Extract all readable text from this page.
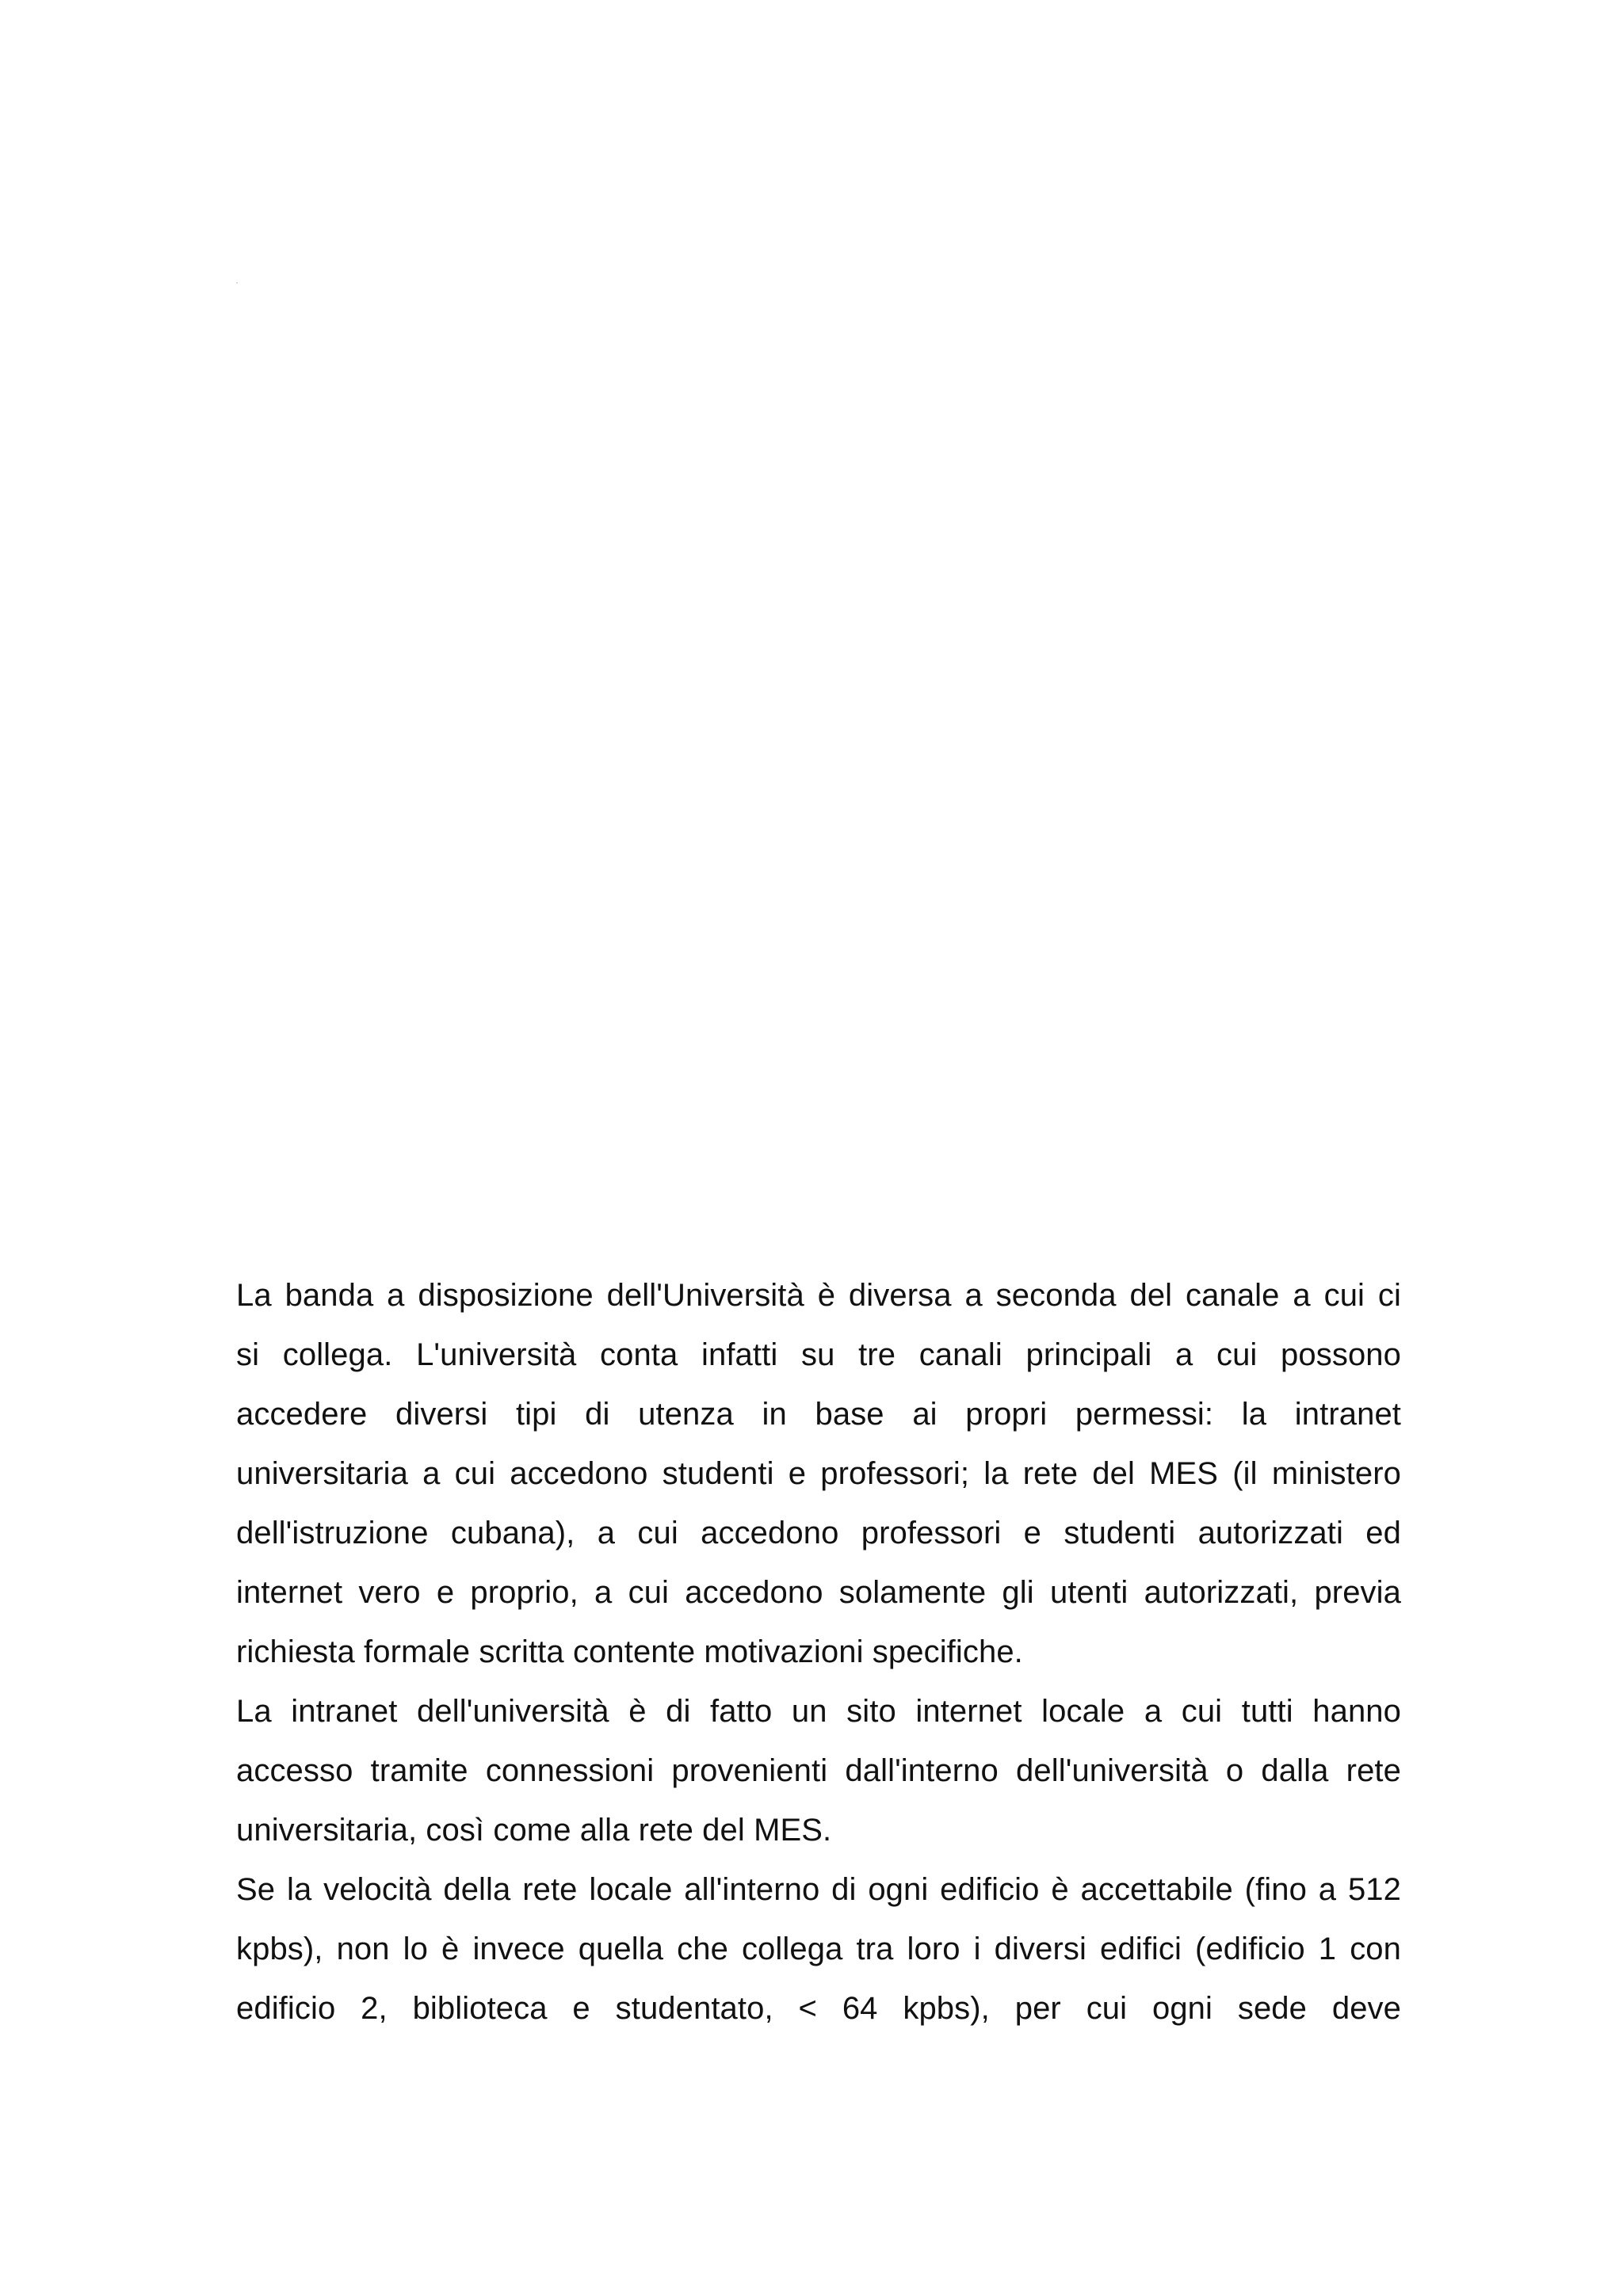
La banda a disposizione dell'Università è diversa a seconda del canale a cui ci
si collega. L'università conta infatti su tre canali principali a cui possono
accedere diversi tipi di utenza in base ai propri permessi: la intranet
universitaria a cui accedono studenti e professori; la rete del MES (il ministero
dell'istruzione cubana), a cui accedono professori e studenti autorizzati ed
internet vero e proprio, a cui accedono solamente gli utenti autorizzati, previa
richiesta formale scritta contente motivazioni specifiche.
La intranet dell'università è di fatto un sito internet locale a cui tutti hanno
accesso tramite connessioni provenienti dall'interno dell'università o dalla rete
universitaria, così come alla rete del MES.
Se la velocità della rete locale all'interno di ogni edificio è accettabile (fino a 512
kpbs), non lo è invece quella che collega tra loro i diversi edifici (edificio 1 con
edificio 2, biblioteca e studentato, < 64 kpbs), per cui ogni sede deve
